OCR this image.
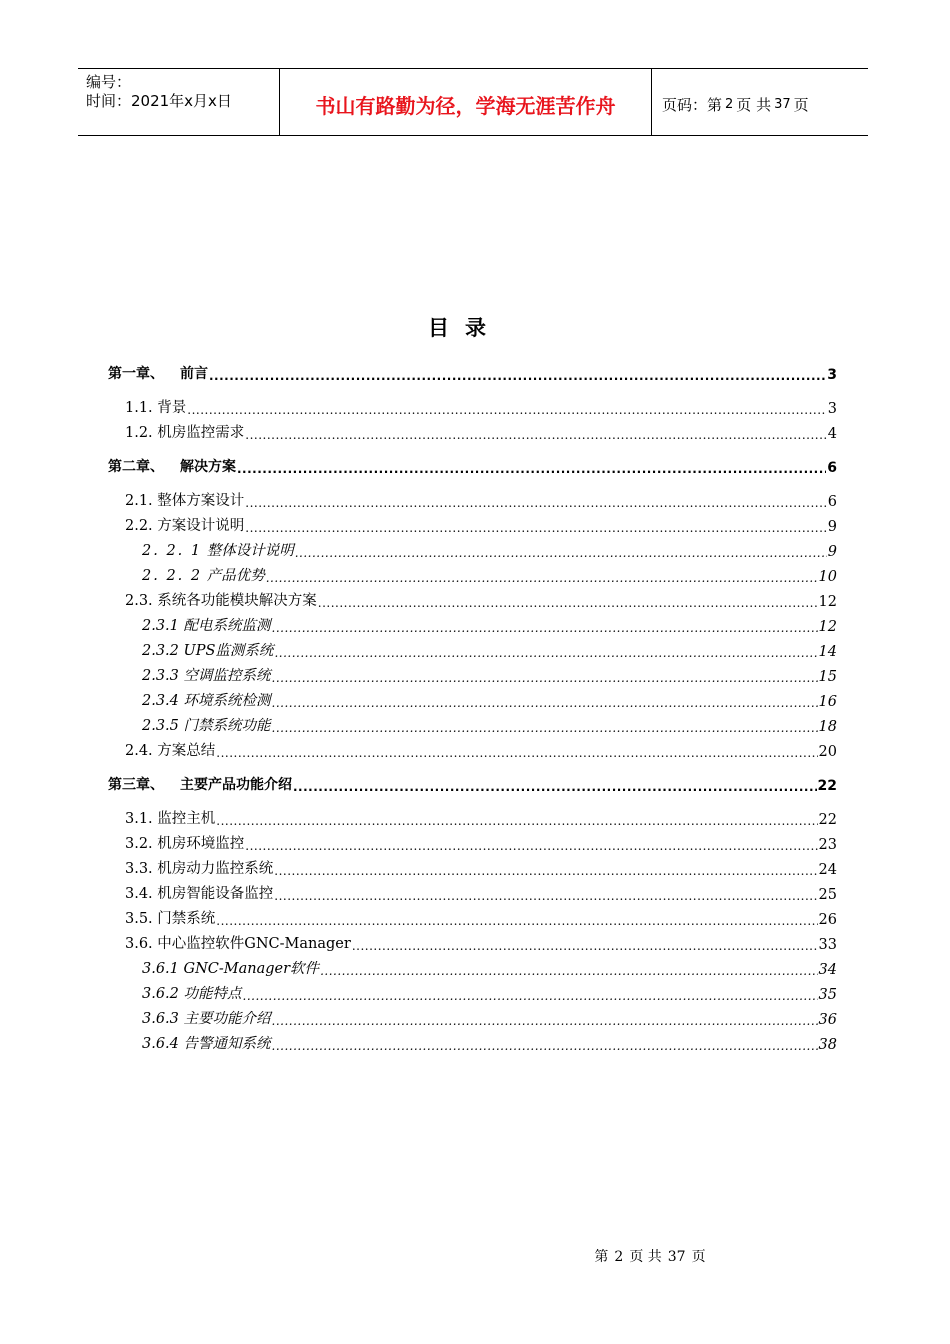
编号：
时间：2021年x月x日	书山有路勤为径，学海无涯苦作舟	页码：第 2 页 共 37 页
目录
第一章、 前言 .....	3
1.1. 背景 .....	3
1.2. 机房监控需求 .....	4
第二章、 解决方案 .....	6
2.1. 整体方案设计 .....	6
2.2. 方案设计说明 .....	9
2. 2. 1 整体设计说明 .....	9
2. 2. 2 产品优势 .....	10
2.3. 系统各功能模块解决方案 .....	12
2.3.1 配电系统监测 .....	12
2.3.2 UPS监测系统 .....	14
2.3.3 空调监控系统 .....	15
2.3.4 环境系统检测 .....	16
2.3.5 门禁系统功能 .....	18
2.4. 方案总结 .....	20
第三章、 主要产品功能介绍 .....	22
3.1. 监控主机 .....	22
3.2. 机房环境监控 .....	23
3.3. 机房动力监控系统 .....	24
3.4. 机房智能设备监控 .....	25
3.5. 门禁系统 .....	26
3.6. 中心监控软件GNC-Manager .....	33
3.6.1 GNC-Manager软件 .....	34
3.6.2 功能特点 .....	35
3.6.3 主要功能介绍 .....	36
3.6.4 告警通知系统 .....	38
第 2 页 共 37 页
